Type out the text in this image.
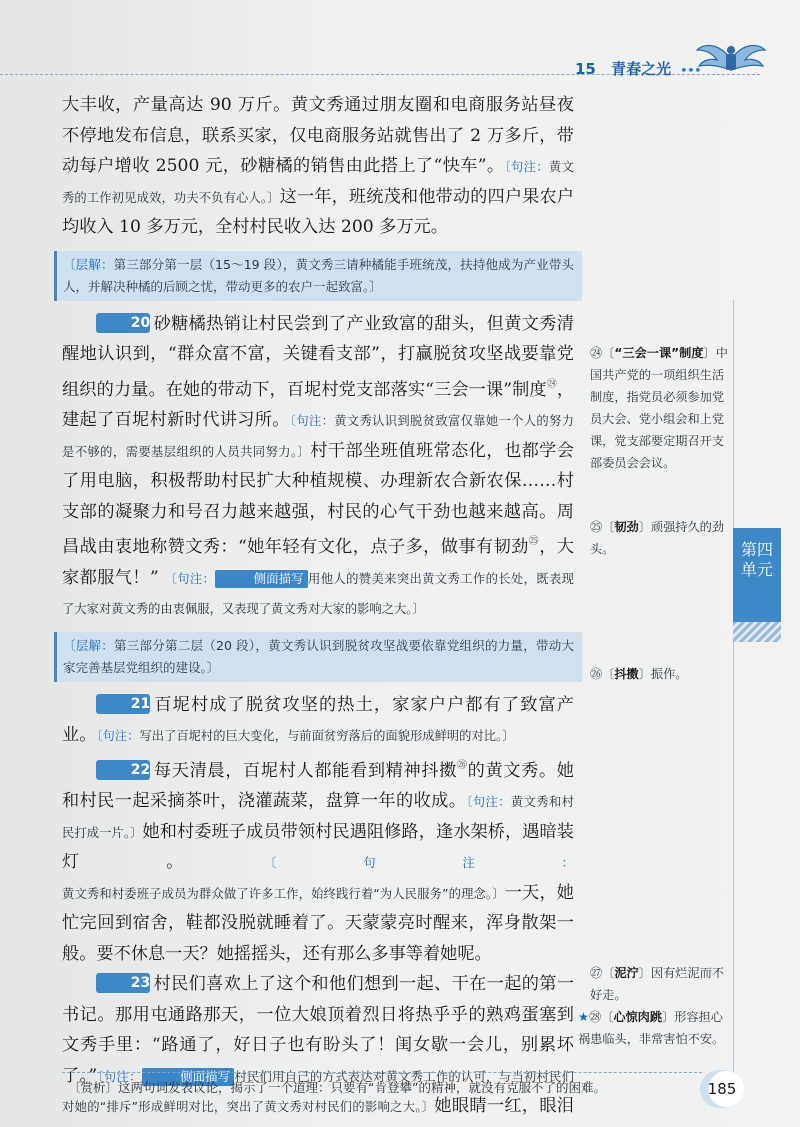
15 青春之光 •••

大丰收，产量高达 90 万斤。黄文秀通过朋友圈和电商服务站昼夜不停地发布信息，联系买家，仅电商服务站就售出了 2 万多斤，带动每户增收 2500 元，砂糖橘的销售由此搭上了“快车”。〔句注：黄文秀的工作初见成效，功夫不负有心人。〕这一年，班统茂和他带动的四户果农户均收入 10 多万元，全村村民收入达 200 多万元。

〔层解：第三部分第一层（15～19 段），黄文秀三请种橘能手班统茂，扶持他成为产业带头人，并解决种橘的后顾之忧，带动更多的农户一起致富。〕

20 砂糖橘热销让村民尝到了产业致富的甜头，但黄文秀清醒地认识到，“群众富不富，关键看支部”，打赢脱贫攻坚战要靠党组织的力量。在她的带动下，百坭村党支部落实“三会一课”制度$^㉔$，建起了百坭村新时代讲习所。〔句注：黄文秀认识到脱贫致富仅靠她一个人的努力是不够的，需要基层组织的人员共同努力。〕村干部坐班值班常态化，也都学会了用电脑，积极帮助村民扩大种植规模、办理新农合新农保……村支部的凝聚力和号召力越来越强，村民的心气干劲也越来越高。周昌战由衷地称赞文秀：“她年轻有文化，点子多，做事有韧劲$^㉕$，大家都服气！” 〔句注：	侧面描写 用他人的赞美来突出黄文秀工作的长处，既表现了大家对黄文秀的由衷佩服，又表现了黄文秀对大家的影响之大。〕

〔层解：第三部分第二层（20 段），黄文秀认识到脱贫攻坚战要依靠党组织的力量，带动大家完善基层党组织的建设。〕

21 百坭村成了脱贫攻坚的热土，家家户户都有了致富产业。〔句注：写出了百坭村的巨大变化，与前面贫穷落后的面貌形成鲜明的对比。〕

22 每天清晨，百坭村人都能看到精神抖擞$^㉖$的黄文秀。她和村民一起采摘茶叶，浇灌蔬菜，盘算一年的收成。〔句注：黄文秀和村民打成一片。〕她和村委班子成员带领村民遇阻修路，逢水架桥，遇暗装灯。〔句注：黄文秀和村委班子成员为群众做了许多工作，始终践行着“为人民服务”的理念。〕一天，她忙完回到宿舍，鞋都没脱就睡着了。天蒙蒙亮时醒来，浑身散架一般。要不休息一天？她摇摇头，还有那么多事等着她呢。

23 村民们喜欢上了这个和他们想到一起、干在一起的第一书记。那用屯通路那天，一位大娘顶着烈日将热乎乎的熟鸡蛋塞到文秀手里：“路通了，好日子也有盼头了！闺女歇一会儿，别累坏了。”〔句注：	侧面描写 村民们用自己的方式表达对黄文秀工作的认可，与当初村民们对她的“排斥”形成鲜明对比，突出了黄文秀对村民们的影响之大。〕她眼睛一红，眼泪

㉔〔“三会一课”制度〕中国共产党的一项组织生活制度，指党员必须参加党员大会、党小组会和上党课，党支部要定期召开支部委员会会议。
㉕〔韧劲〕顽强持久的劲头。
㉖〔抖擞〕振作。
㉗〔泥泞〕因有烂泥而不好走。
★㉘〔心惊肉跳〕形容担心祸患临头，非常害怕不安。
第四单元
〔赏析〕这两句词发表议论，揭示了一个道理：只要有“肯登攀”的精神，就没有克服不了的困难。	185
